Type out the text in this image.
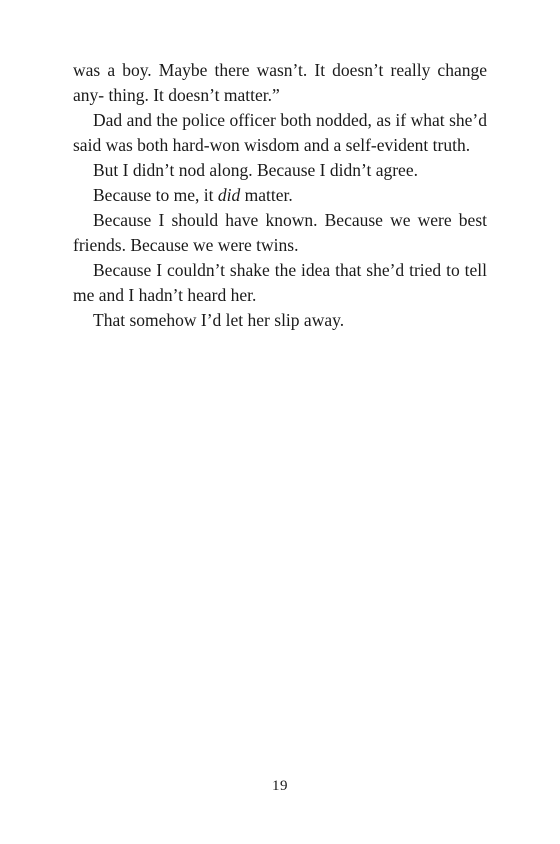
was a boy. Maybe there wasn’t. It doesn’t really change any- thing. It doesn’t matter.”

Dad and the police officer both nodded, as if what she’d said was both hard-won wisdom and a self-evident truth.

But I didn’t nod along. Because I didn’t agree.

Because to me, it did matter.

Because I should have known. Because we were best friends. Because we were twins.

Because I couldn’t shake the idea that she’d tried to tell me and I hadn’t heard her.

That somehow I’d let her slip away.

19
